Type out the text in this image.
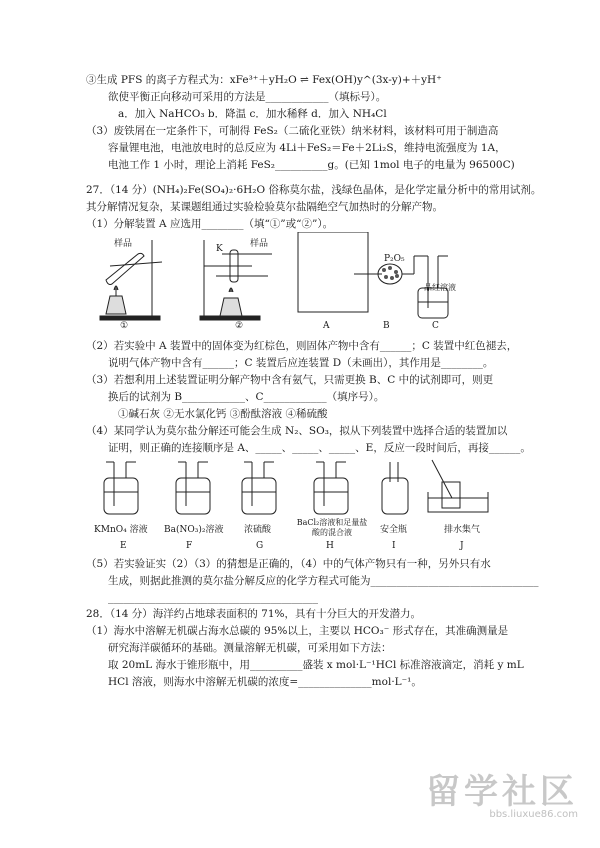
③生成 PFS 的离子方程式为：xFe³⁺＋yH₂O ⇌ Fex(OH)y^(3x-y)+＋yH⁺
欲使平衡正向移动可采用的方法是____________（填标号）。
a．加入 NaHCO₃ b．降温 c．加水稀释 d．加入 NH₄Cl
（3）废铁屑在一定条件下，可制得 FeS₂（二硫化亚铁）纳米材料，该材料可用于制造高
容量锂电池，电池放电时的总反应为 4Li＋FeS₂＝Fe＋2Li₂S，维持电流强度为 1A，
电池工作 1 小时，理论上消耗 FeS₂__________g。(已知 1mol 电子的电量为 96500C)
27．（14 分）(NH₄)₂Fe(SO₄)₂·6H₂O 俗称莫尔盐，浅绿色晶体，是化学定量分析中的常用试剂。
其分解情况复杂，某课题组通过实验检验莫尔盐隔绝空气加热时的分解产物。
（1）分解装置 A 应选用________（填“①”或“②”）。
样品	K	样品
P₂O₅
品红溶液
①	②	A	B	C
（2）若实验中 A 装置中的固体变为红棕色，则固体产物中含有______；C 装置中红色褪去，
说明气体产物中含有______；C 装置后应连装置 D（未画出），其作用是________。
（3）若想利用上述装置证明分解产物中含有氨气，只需更换 B、C 中的试剂即可，则更
换后的试剂为 B____________、C____________（填序号）。
①碱石灰 ②无水氯化钙 ③酚酞溶液 ④稀硫酸
（4）某同学认为莫尔盐分解还可能会生成 N₂、SO₃，拟从下列装置中选择合适的装置加以
证明，则正确的连接顺序是 A、_____、_____、_____、E，反应一段时间后，再接______。
KMnO₄ 溶液 Ba(NO₃)₂溶液 浓硫酸
BaCl₂溶液和足量盐酸的混合液	安全瓶	排水集气
E	F	G	H	I	J
（5）若实验证实（2）（3）的猜想是正确的，（4）中的气体产物只有一种，另外只有水
生成，则据此推测的莫尔盐分解反应的化学方程式可能为________________________________
________________________________________
28．（14 分）海洋约占地球表面积的 71%，具有十分巨大的开发潜力。
（1）海水中溶解无机碳占海水总碳的 95%以上，主要以 HCO₃⁻ 形式存在，其准确测量是
研究海洋碳循环的基础。测量溶解无机碳，可采用如下方法：
取 20mL 海水于锥形瓶中，用__________盛装 x mol·L⁻¹HCl 标准溶液滴定，消耗 y mL
HCl 溶液，则海水中溶解无机碳的浓度=______________mol·L⁻¹。
留学社区
bbs.liuxue86.com
